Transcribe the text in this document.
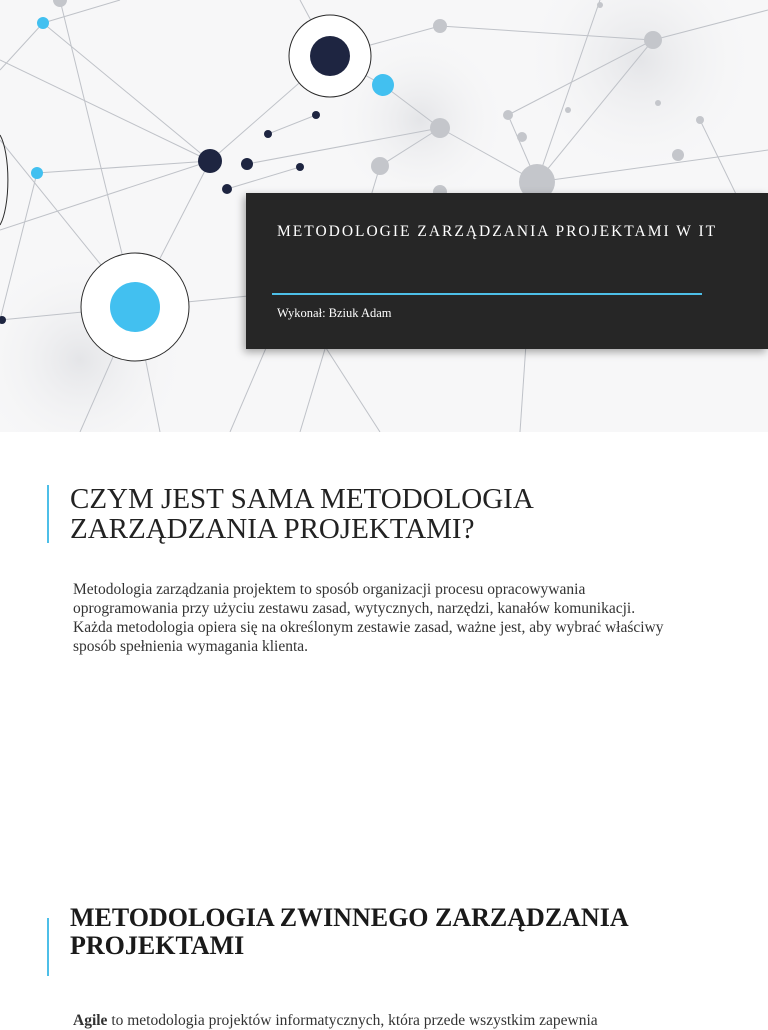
METODOLOGIE ZARZĄDZANIA PROJEKTAMI W IT
Wykonał: Bziuk Adam
CZYM JEST SAMA METODOLOGIA ZARZĄDZANIA PROJEKTAMI?
Metodologia zarządzania projektem to sposób organizacji procesu opracowywania oprogramowania przy użyciu zestawu zasad, wytycznych, narzędzi, kanałów komunikacji. Każda metodologia opiera się na określonym zestawie zasad, ważne jest, aby wybrać właściwy sposób spełnienia wymagania klienta.
METODOLOGIA ZWINNEGO ZARZĄDZANIA PROJEKTAMI
Agile to metodologia projektów informatycznych, która przede wszystkim zapewnia
